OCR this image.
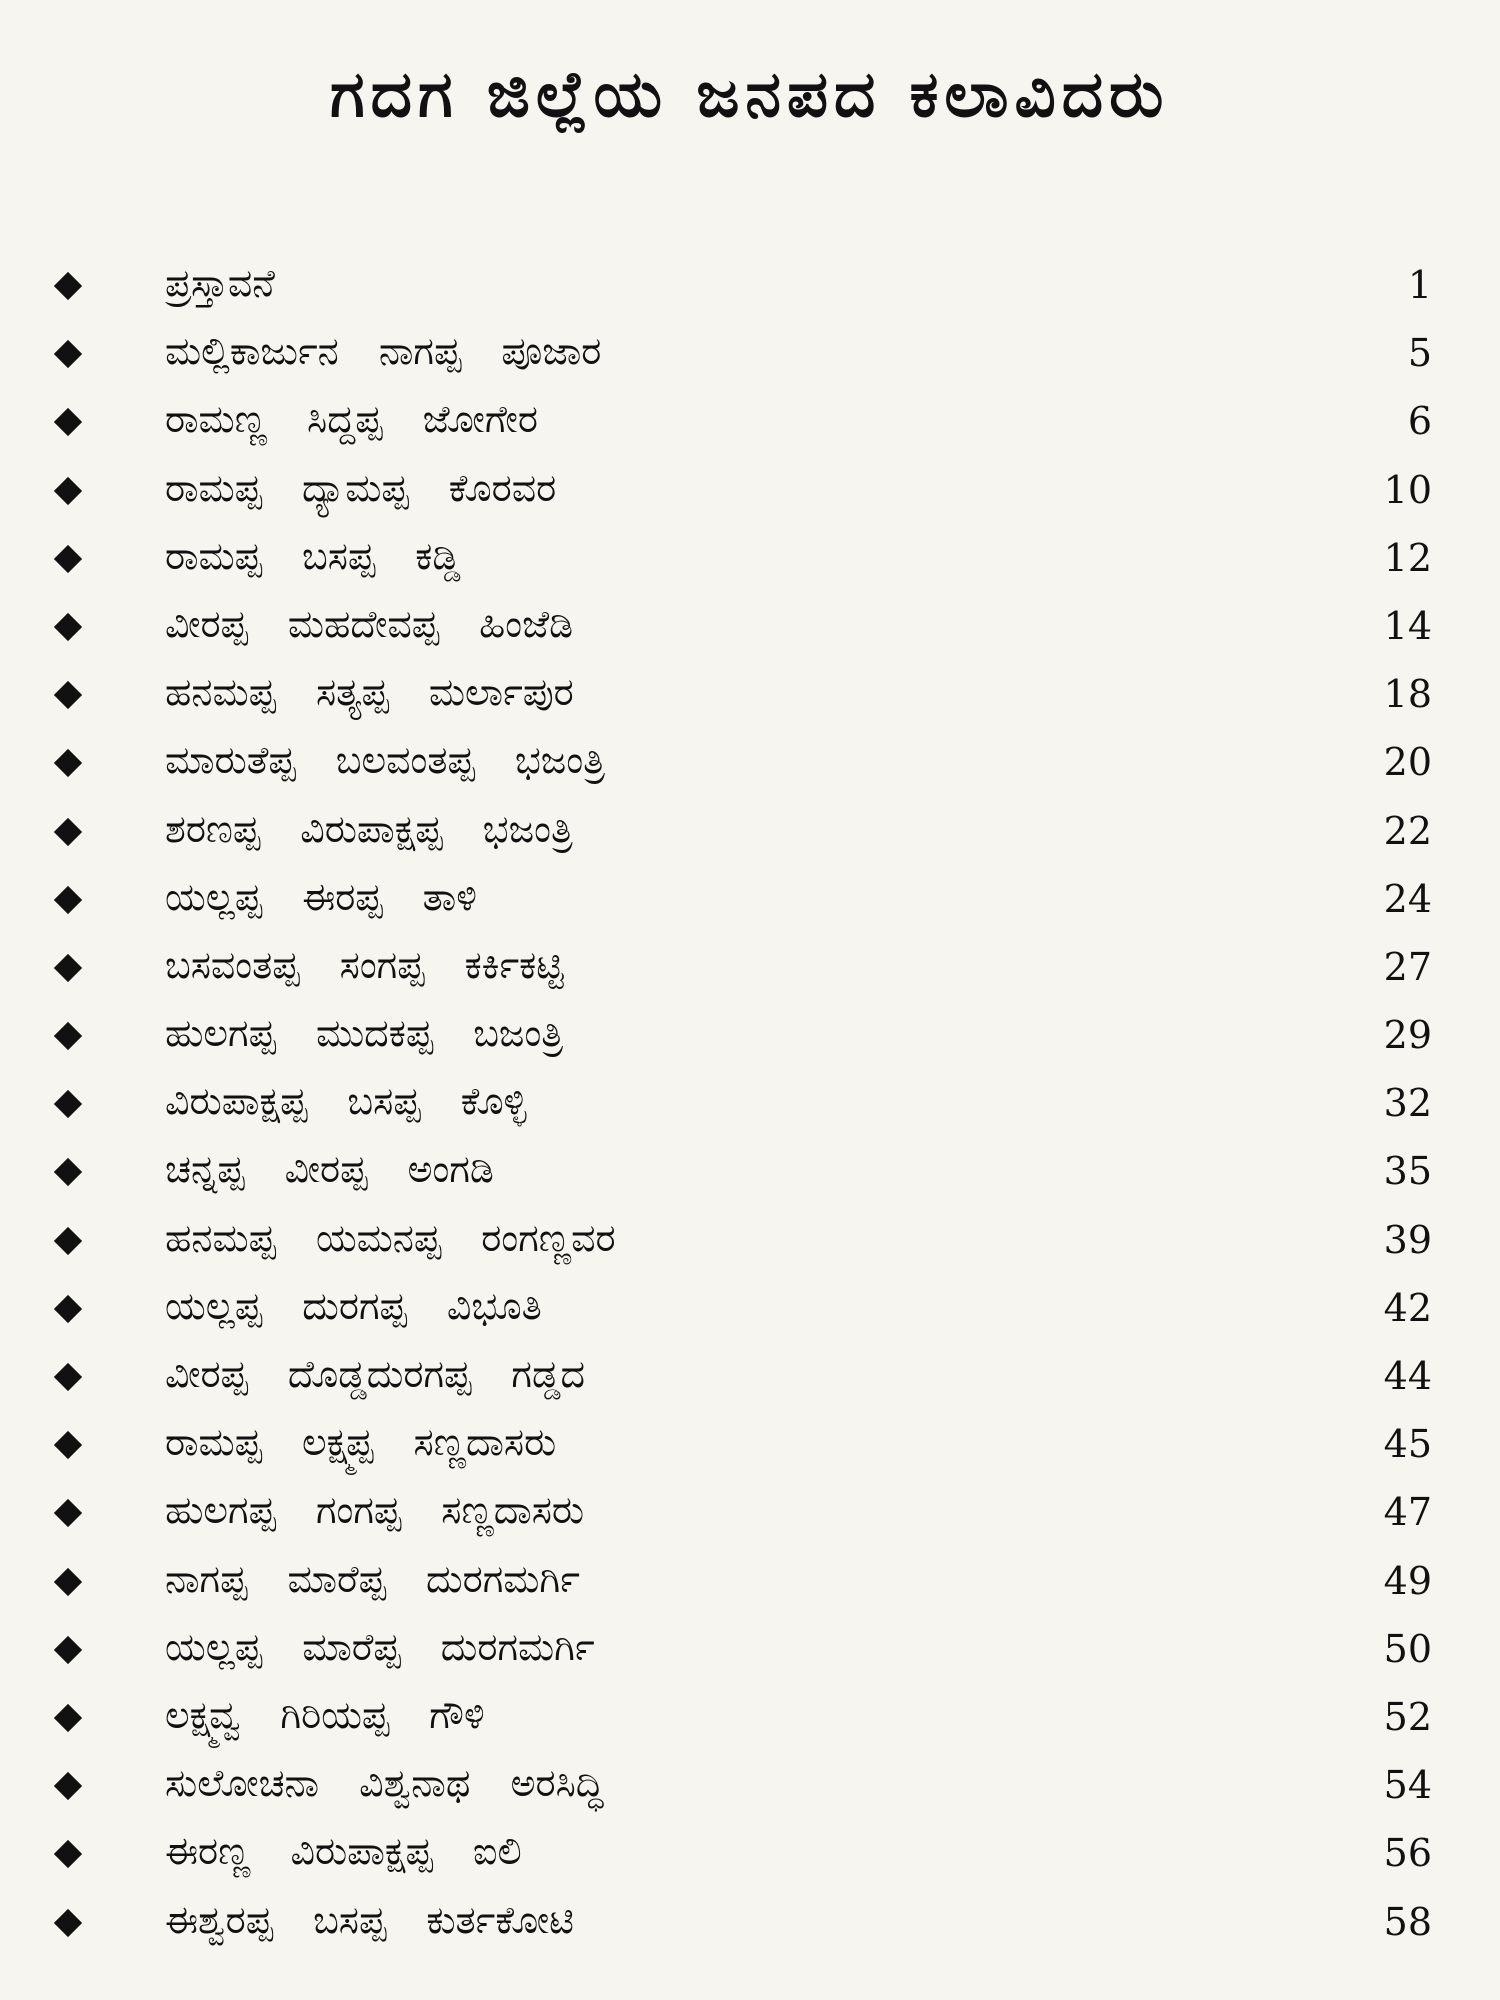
ಗದಗ ಜಿಲ್ಲೆಯ ಜನಪದ ಕಲಾವಿದರು
ಪ್ರಸ್ತಾವನೆ	1
ಮಲ್ಲಿಕಾರ್ಜುನ ನಾಗಪ್ಪ ಪೂಜಾರ	5
ರಾಮಣ್ಣ ಸಿದ್ದಪ್ಪ ಜೋಗೇರ	6
ರಾಮಪ್ಪ ದ್ಯಾಮಪ್ಪ ಕೊರವರ	10
ರಾಮಪ್ಪ ಬಸಪ್ಪ ಕಡ್ಡಿ	12
ವೀರಪ್ಪ ಮಹದೇವಪ್ಪ ಹಿಂಜೆಡಿ	14
ಹನಮಪ್ಪ ಸತ್ಯಪ್ಪ ಮರ್ಲಾಪುರ	18
ಮಾರುತೆಪ್ಪ ಬಲವಂತಪ್ಪ ಭಜಂತ್ರಿ	20
ಶರಣಪ್ಪ ವಿರುಪಾಕ್ಷಪ್ಪ ಭಜಂತ್ರಿ	22
ಯಲ್ಲಪ್ಪ ಈರಪ್ಪ ತಾಳಿ	24
ಬಸವಂತಪ್ಪ ಸಂಗಪ್ಪ ಕರ್ಕಿಕಟ್ಟಿ	27
ಹುಲಗಪ್ಪ ಮುದಕಪ್ಪ ಬಜಂತ್ರಿ	29
ವಿರುಪಾಕ್ಷಪ್ಪ ಬಸಪ್ಪ ಕೊಳ್ಳಿ	32
ಚನ್ನಪ್ಪ ವೀರಪ್ಪ ಅಂಗಡಿ	35
ಹನಮಪ್ಪ ಯಮನಪ್ಪ ರಂಗಣ್ಣವರ	39
ಯಲ್ಲಪ್ಪ ದುರಗಪ್ಪ ವಿಭೂತಿ	42
ವೀರಪ್ಪ ದೊಡ್ಡದುರಗಪ್ಪ ಗಡ್ಡದ	44
ರಾಮಪ್ಪ ಲಕ್ಷ್ಮಪ್ಪ ಸಣ್ಣದಾಸರು	45
ಹುಲಗಪ್ಪ ಗಂಗಪ್ಪ ಸಣ್ಣದಾಸರು	47
ನಾಗಪ್ಪ ಮಾರೆಪ್ಪ ದುರಗಮರ್ಗಿ	49
ಯಲ್ಲಪ್ಪ ಮಾರೆಪ್ಪ ದುರಗಮರ್ಗಿ	50
ಲಕ್ಷ್ಮವ್ವ ಗಿರಿಯಪ್ಪ ಗೌಳಿ	52
ಸುಲೋಚನಾ ವಿಶ್ವನಾಥ ಅರಸಿದ್ಧಿ	54
ಈರಣ್ಣ ವಿರುಪಾಕ್ಷಪ್ಪ ಐಲಿ	56
ಈಶ್ವರಪ್ಪ ಬಸಪ್ಪ ಕುರ್ತಕೋಟಿ	58
